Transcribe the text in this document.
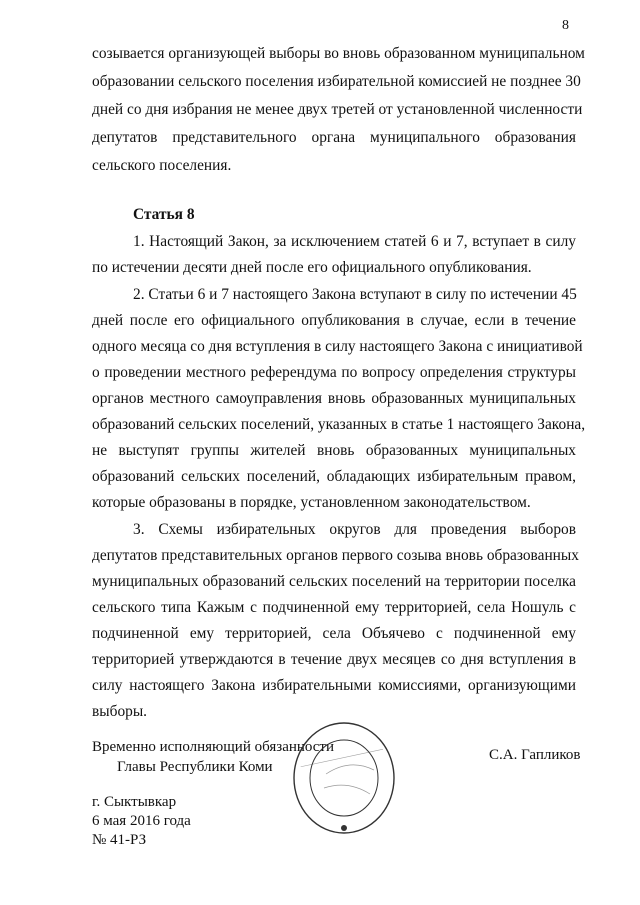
8
созывается организующей выборы во вновь образованном муниципальном
образовании сельского поселения избирательной комиссией не позднее 30
дней со дня избрания не менее двух третей от установленной численности
депутатов представительного органа муниципального образования
сельского поселения.
Статья 8
1. Настоящий Закон, за исключением статей 6 и 7, вступает в силу
по истечении десяти дней после его официального опубликования.
2. Статьи 6 и 7 настоящего Закона вступают в силу по истечении 45
дней после его официального опубликования в случае, если в течение
одного месяца со дня вступления в силу настоящего Закона с инициативой
о проведении местного референдума по вопросу определения структуры
органов местного самоуправления вновь образованных муниципальных
образований сельских поселений, указанных в статье 1 настоящего Закона,
не выступят группы жителей вновь образованных муниципальных
образований сельских поселений, обладающих избирательным правом,
которые образованы в порядке, установленном законодательством.
3. Схемы избирательных округов для проведения выборов
депутатов представительных органов первого созыва вновь образованных
муниципальных образований сельских поселений на территории поселка
сельского типа Кажым с подчиненной ему территорией, села Ношуль с
подчиненной ему территорией, села Объячево с подчиненной ему
территорией утверждаются в течение двух месяцев со дня вступления в
силу настоящего Закона избирательными комиссиями, организующими
выборы.
Временно исполняющий обязанности
Главы Республики Коми
С.А. Гапликов
г. Сыктывкар
6 мая 2016 года
№ 41-РЗ
